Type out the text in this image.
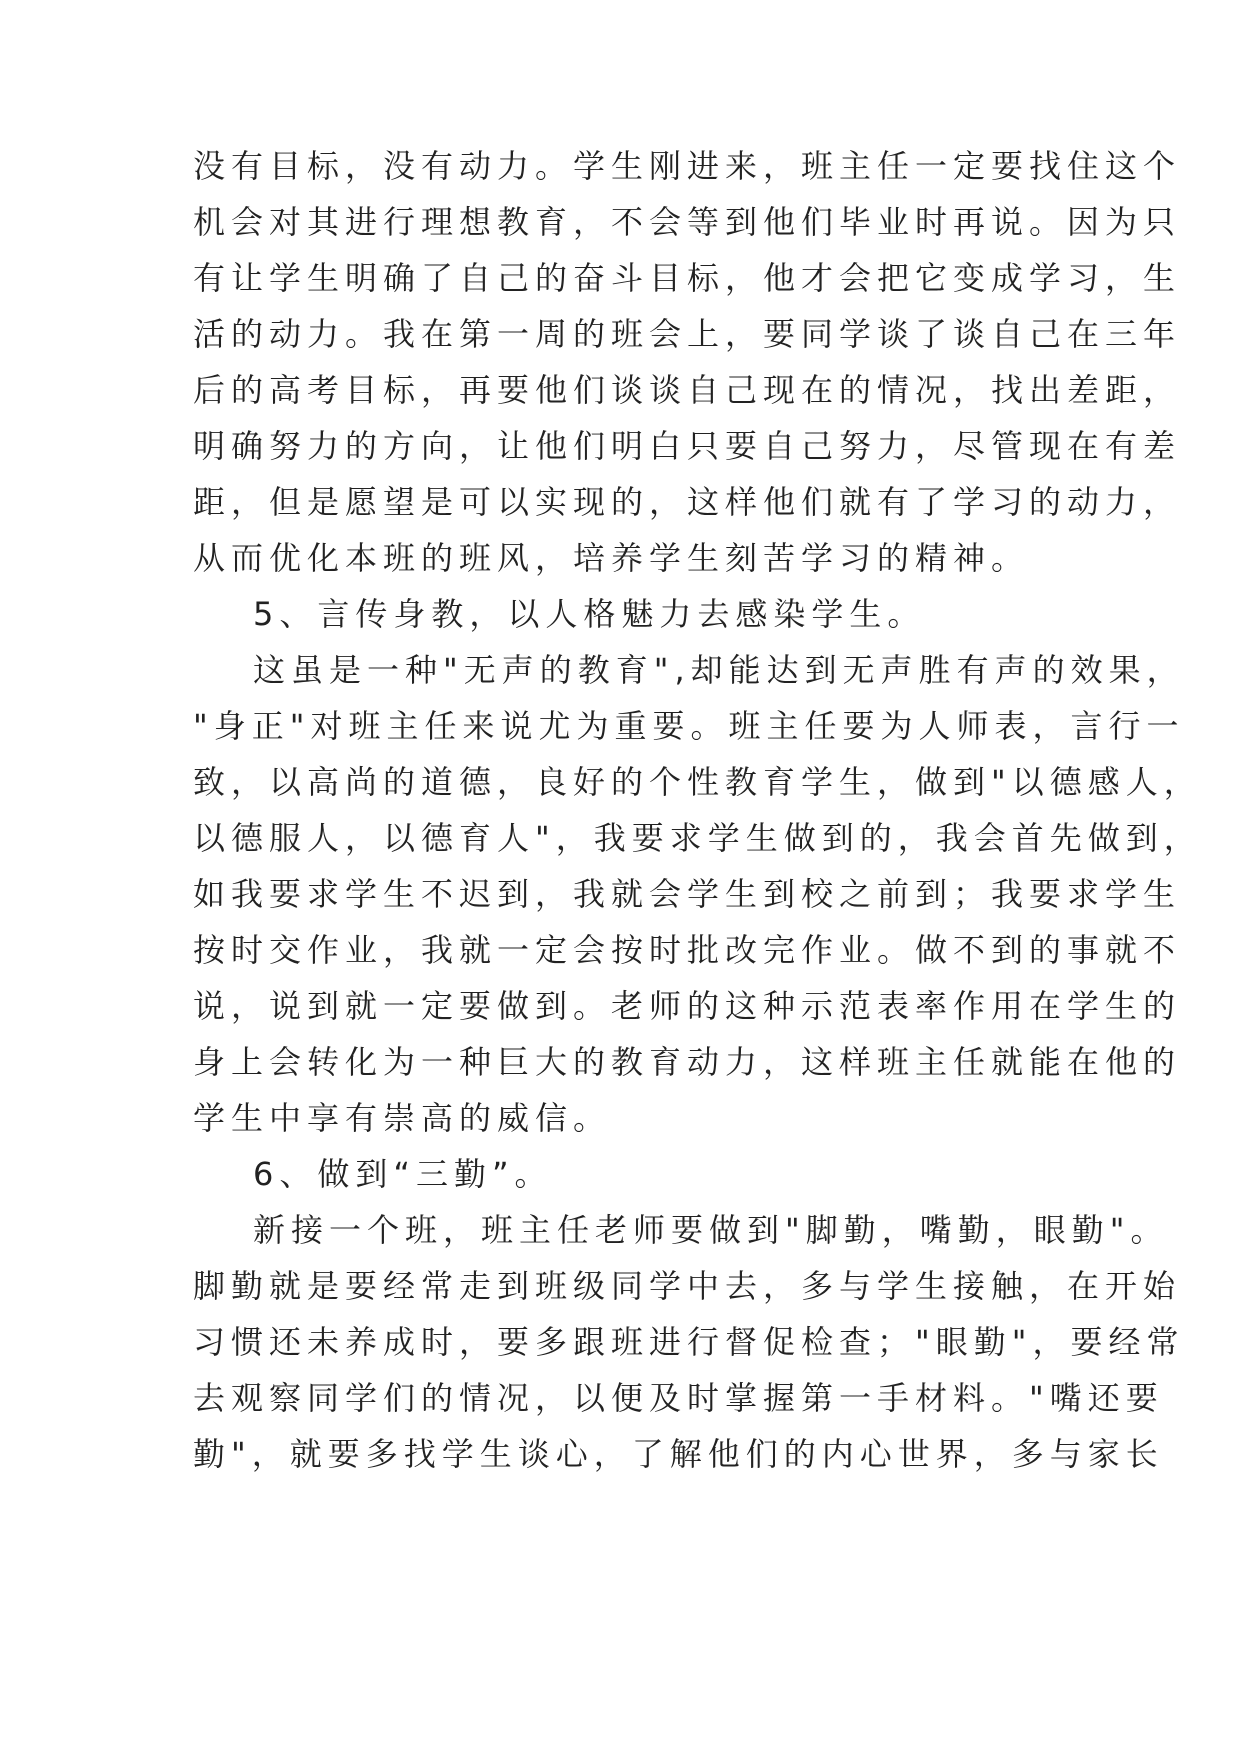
没有目标，没有动力。学生刚进来，班主任一定要找住这个
机会对其进行理想教育，不会等到他们毕业时再说。因为只
有让学生明确了自己的奋斗目标，他才会把它变成学习，生
活的动力。我在第一周的班会上，要同学谈了谈自己在三年
后的高考目标，再要他们谈谈自己现在的情况，找出差距，
明确努力的方向，让他们明白只要自己努力，尽管现在有差
距，但是愿望是可以实现的，这样他们就有了学习的动力，
从而优化本班的班风，培养学生刻苦学习的精神。
5、言传身教，以人格魅力去感染学生。
这虽是一种"无声的教育",却能达到无声胜有声的效果，
"身正"对班主任来说尤为重要。班主任要为人师表，言行一
致，以高尚的道德，良好的个性教育学生，做到"以德感人，
以德服人，以德育人"，我要求学生做到的，我会首先做到，
如我要求学生不迟到，我就会学生到校之前到；我要求学生
按时交作业，我就一定会按时批改完作业。做不到的事就不
说，说到就一定要做到。老师的这种示范表率作用在学生的
身上会转化为一种巨大的教育动力，这样班主任就能在他的
学生中享有崇高的威信。
6、做到“三勤”。
新接一个班，班主任老师要做到"脚勤，嘴勤，眼勤"。
脚勤就是要经常走到班级同学中去，多与学生接触，在开始
习惯还未养成时，要多跟班进行督促检查；"眼勤"，要经常
去观察同学们的情况，以便及时掌握第一手材料。"嘴还要
勤"，就要多找学生谈心，了解他们的内心世界，多与家长
